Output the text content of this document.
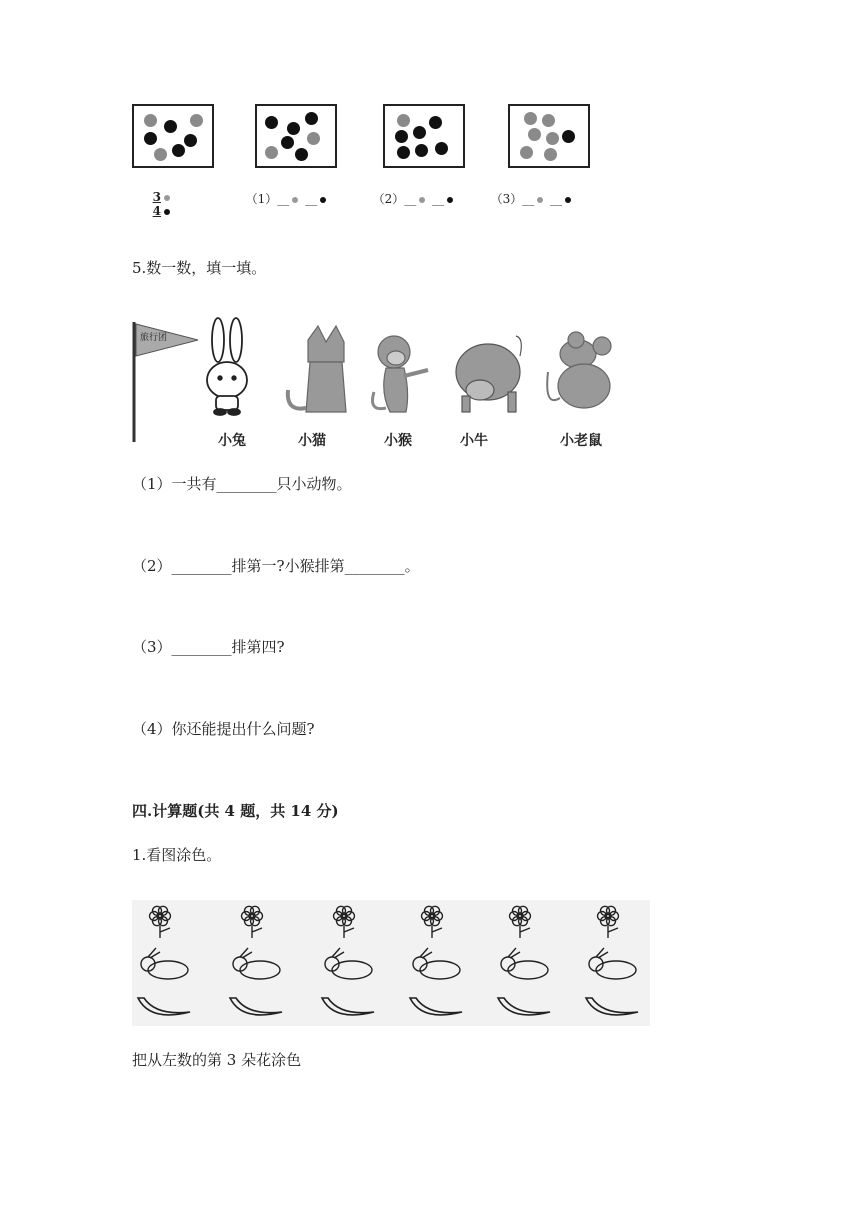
3
4

（1）__ __	（2）__ __	（3）__ __

5.数一数，填一填。
旅行团
小兔	小猫	小猴	小牛	小老鼠
（1）一共有________只小动物。
（2）________排第一?小猴排第________。
（3）________排第四?
（4）你还能提出什么问题?
四.计算题(共 4 题，共 14 分)
1.看图涂色。
把从左数的第 3 朵花涂色
